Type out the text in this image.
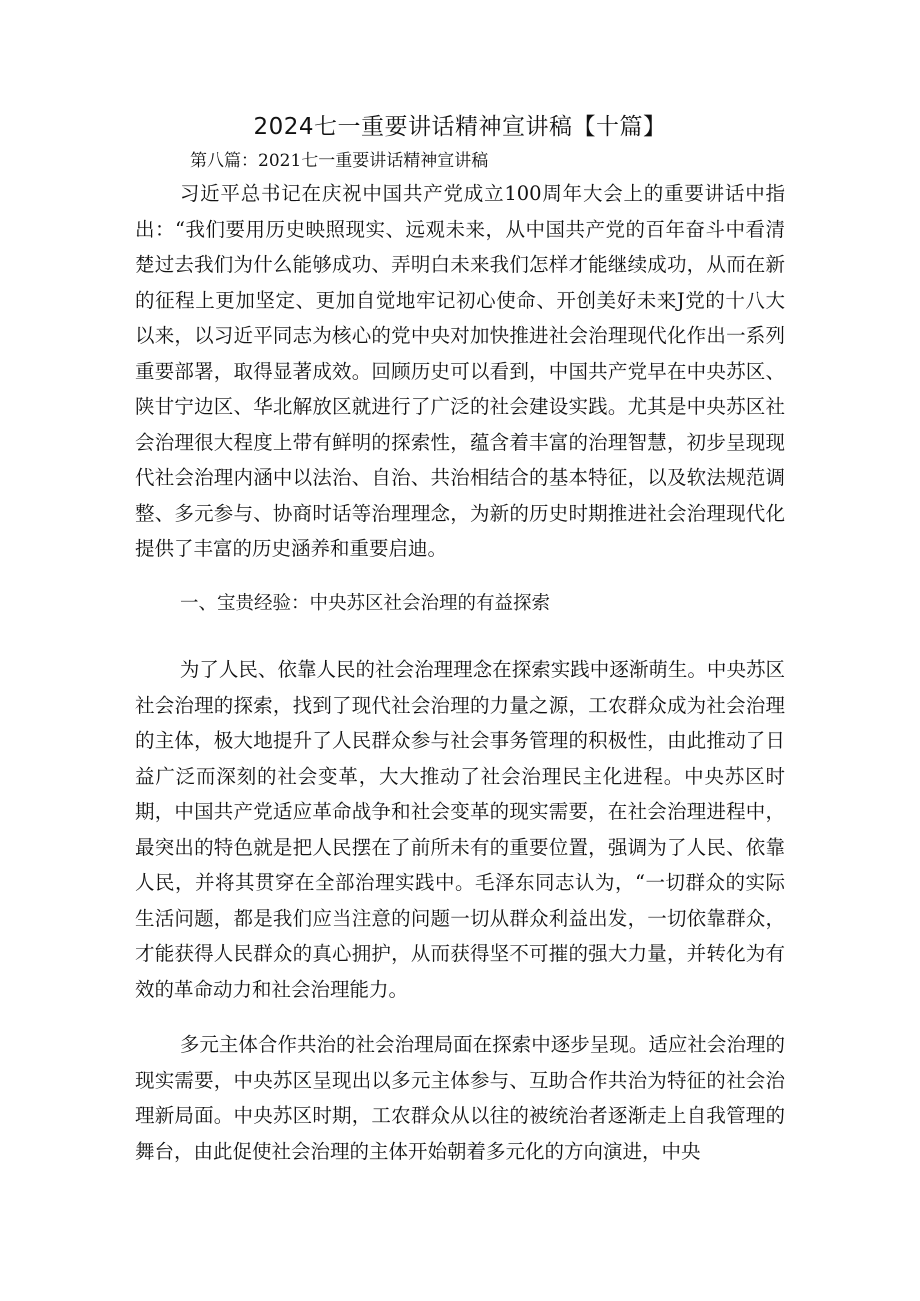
2024七一重要讲话精神宣讲稿【十篇】

第八篇：2021七一重要讲话精神宣讲稿

习近平总书记在庆祝中国共产党成立100周年大会上的重要讲话中指出：“我们要用历史映照现实、远观未来，从中国共产党的百年奋斗中看清楚过去我们为什么能够成功、弄明白未来我们怎样才能继续成功，从而在新的征程上更加坚定、更加自觉地牢记初心使命、开创美好未来J党的十八大以来，以习近平同志为核心的党中央对加快推进社会治理现代化作出一系列重要部署，取得显著成效。回顾历史可以看到，中国共产党早在中央苏区、陕甘宁边区、华北解放区就进行了广泛的社会建设实践。尤其是中央苏区社会治理很大程度上带有鲜明的探索性，蕴含着丰富的治理智慧，初步呈现现代社会治理内涵中以法治、自治、共治相结合的基本特征，以及软法规范调整、多元参与、协商时话等治理理念，为新的历史时期推进社会治理现代化提供了丰富的历史涵养和重要启迪。

一、宝贵经验：中央苏区社会治理的有益探索

为了人民、依靠人民的社会治理理念在探索实践中逐渐萌生。中央苏区社会治理的探索，找到了现代社会治理的力量之源，工农群众成为社会治理的主体，极大地提升了人民群众参与社会事务管理的积极性，由此推动了日益广泛而深刻的社会变革，大大推动了社会治理民主化进程。中央苏区时期，中国共产党适应革命战争和社会变革的现实需要，在社会治理进程中，最突出的特色就是把人民摆在了前所未有的重要位置，强调为了人民、依靠人民，并将其贯穿在全部治理实践中。毛泽东同志认为，“一切群众的实际生活问题，都是我们应当注意的问题一切从群众利益出发，一切依靠群众，才能获得人民群众的真心拥护，从而获得坚不可摧的强大力量，并转化为有效的革命动力和社会治理能力。

多元主体合作共治的社会治理局面在探索中逐步呈现。适应社会治理的现实需要，中央苏区呈现出以多元主体参与、互助合作共治为特征的社会治理新局面。中央苏区时期，工农群众从以往的被统治者逐渐走上自我管理的舞台，由此促使社会治理的主体开始朝着多元化的方向演进，中央
